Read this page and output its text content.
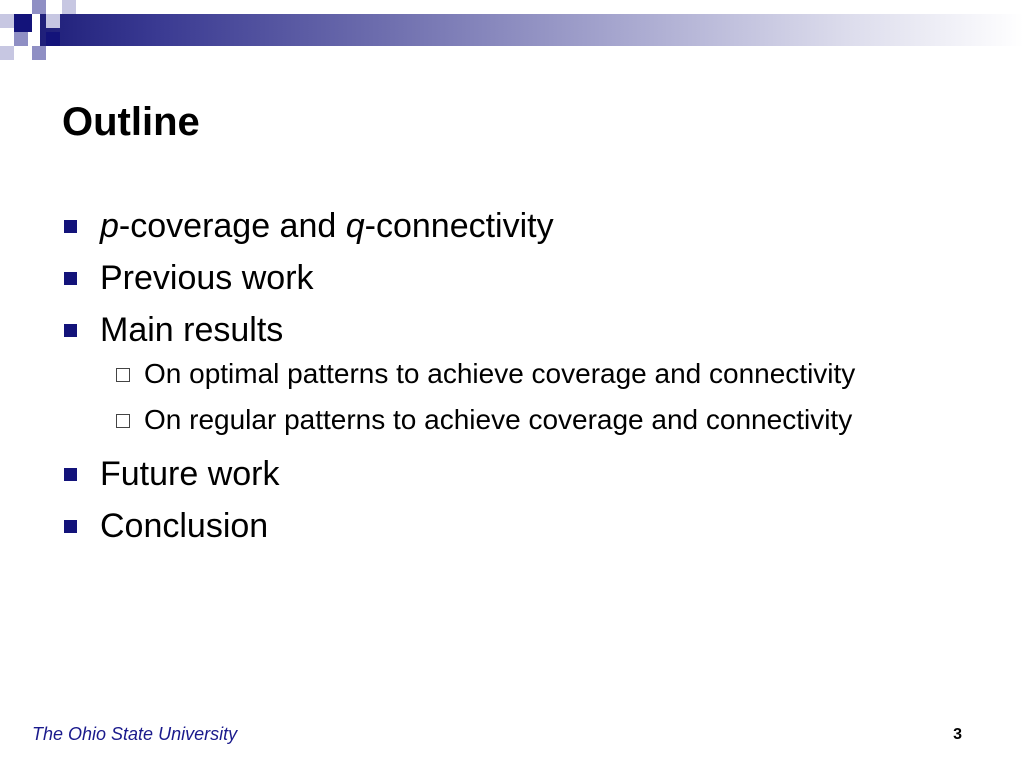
Outline
p-coverage and q-connectivity
Previous work
Main results
On optimal patterns to achieve coverage and connectivity
On regular patterns to achieve coverage and connectivity
Future work
Conclusion
The Ohio State University	3
